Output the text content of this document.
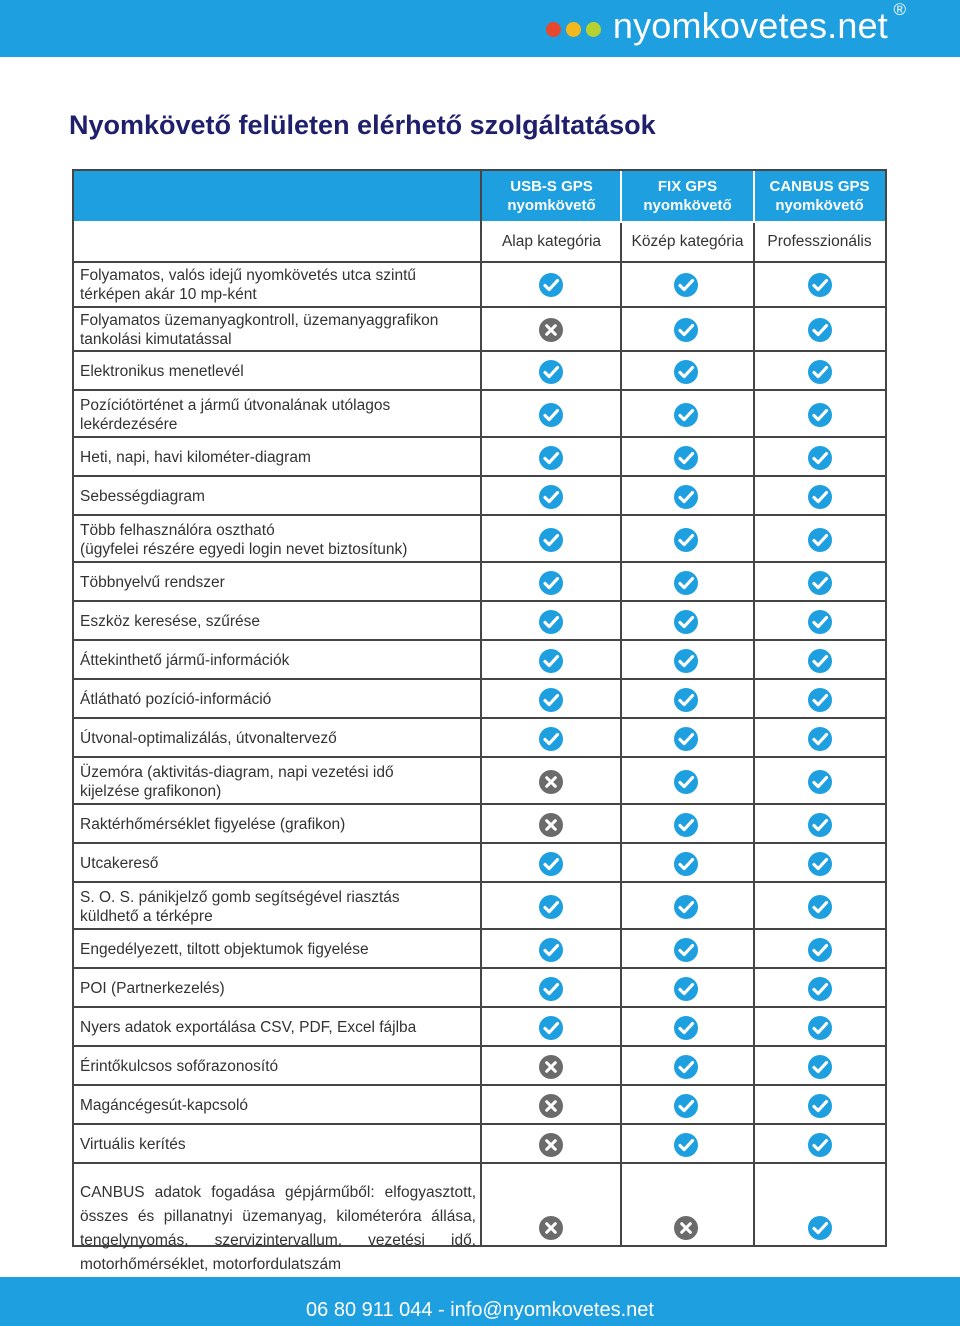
nyomkovetes.net ®
Nyomkövető felületen elérhető szolgáltatások
USB-S GPS
nyomkövető
FIX GPS
nyomkövető
CANBUS GPS
nyomkövető
Alap kategória	Közép kategória	Professzionális
Folyamatos, valós idejű nyomkövetés utca szintű
térképen akár 10 mp-ként
Folyamatos üzemanyagkontroll, üzemanyaggrafikon
tankolási kimutatással
Elektronikus menetlevél
Pozíciótörténet a jármű útvonalának utólagos
lekérdezésére
Heti, napi, havi kilométer-diagram
Sebességdiagram
Több felhasználóra osztható
(ügyfelei részére egyedi login nevet biztosítunk)
Többnyelvű rendszer
Eszköz keresése, szűrése
Áttekinthető jármű-információk
Átlátható pozíció-információ
Útvonal-optimalizálás, útvonaltervező
Üzemóra (aktivitás-diagram, napi vezetési idő
kijelzése grafikonon)
Raktérhőmérséklet figyelése (grafikon)
Utcakereső
S. O. S. pánikjelző gomb segítségével riasztás
küldhető a térképre
Engedélyezett, tiltott objektumok figyelése
POI (Partnerkezelés)
Nyers adatok exportálása CSV, PDF, Excel fájlba
Érintőkulcsos sofőrazonosító
Magáncégesút-kapcsoló
Virtuális kerítés
CANBUS adatok fogadása gépjárműből: elfogyasztott,
összes és pillanatnyi üzemanyag, kilométeróra állása,
tengelynyomás, szervizintervallum, vezetési idő,
motorhőmérséklet, motorfordulatszám
06 80 911 044 - info@nyomkovetes.net
